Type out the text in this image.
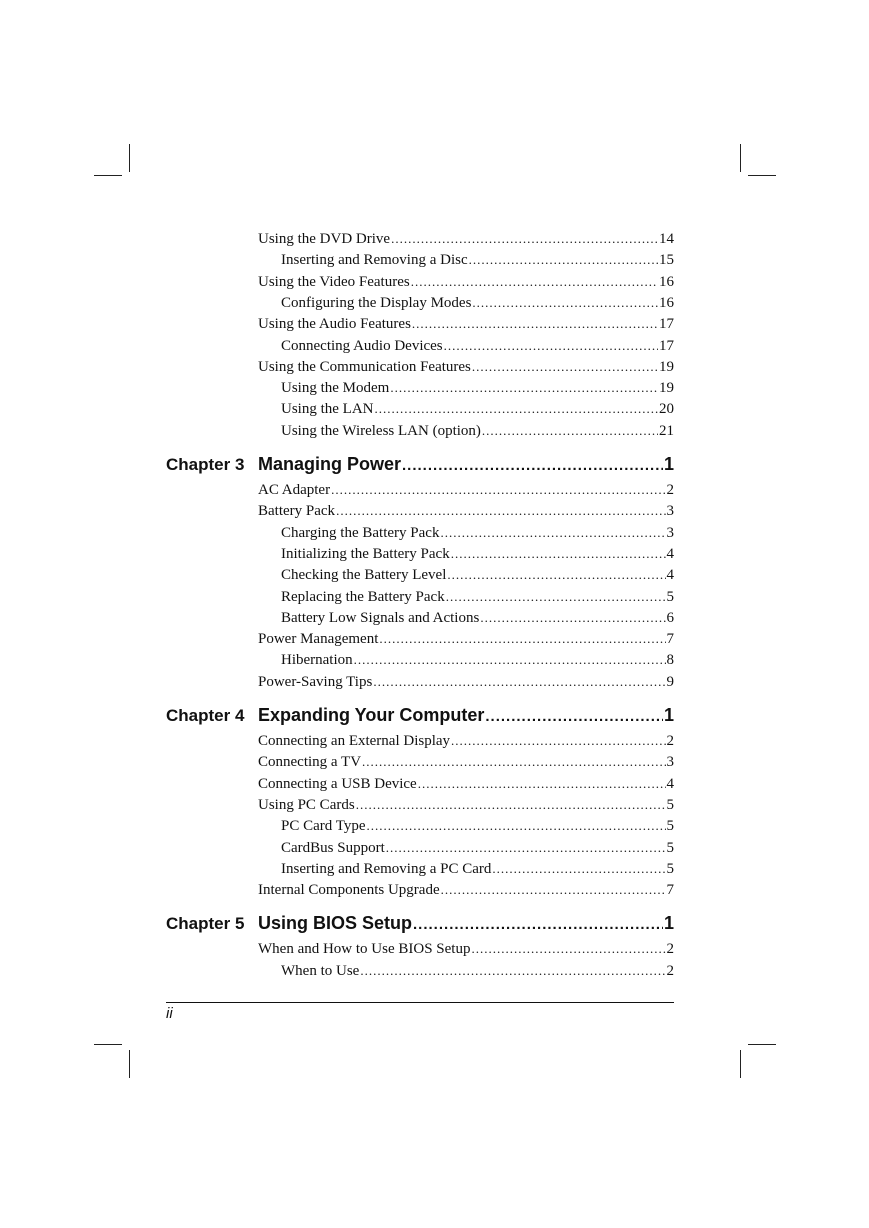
Using the DVD Drive .....	14
Inserting and Removing a Disc .....	15
Using the Video Features .....	16
Configuring the Display Modes .....	16
Using the Audio Features .....	17
Connecting Audio Devices .....	17
Using the Communication Features .....	19
Using the Modem .....	19
Using the LAN .....	20
Using the Wireless LAN (option) .....	21
Chapter 3 Managing Power .....	1
AC Adapter .....	2
Battery Pack .....	3
Charging the Battery Pack .....	3
Initializing the Battery Pack .....	4
Checking the Battery Level .....	4
Replacing the Battery Pack .....	5
Battery Low Signals and Actions .....	6
Power Management .....	7
Hibernation .....	8
Power-Saving Tips .....	9
Chapter 4 Expanding Your Computer .....	1
Connecting an External Display .....	2
Connecting a TV .....	3
Connecting a USB Device .....	4
Using PC Cards .....	5
PC Card Type .....	5
CardBus Support .....	5
Inserting and Removing a PC Card .....	5
Internal Components Upgrade .....	7
Chapter 5 Using BIOS Setup .....	1
When and How to Use BIOS Setup .....	2
When to Use .....	2
ii
